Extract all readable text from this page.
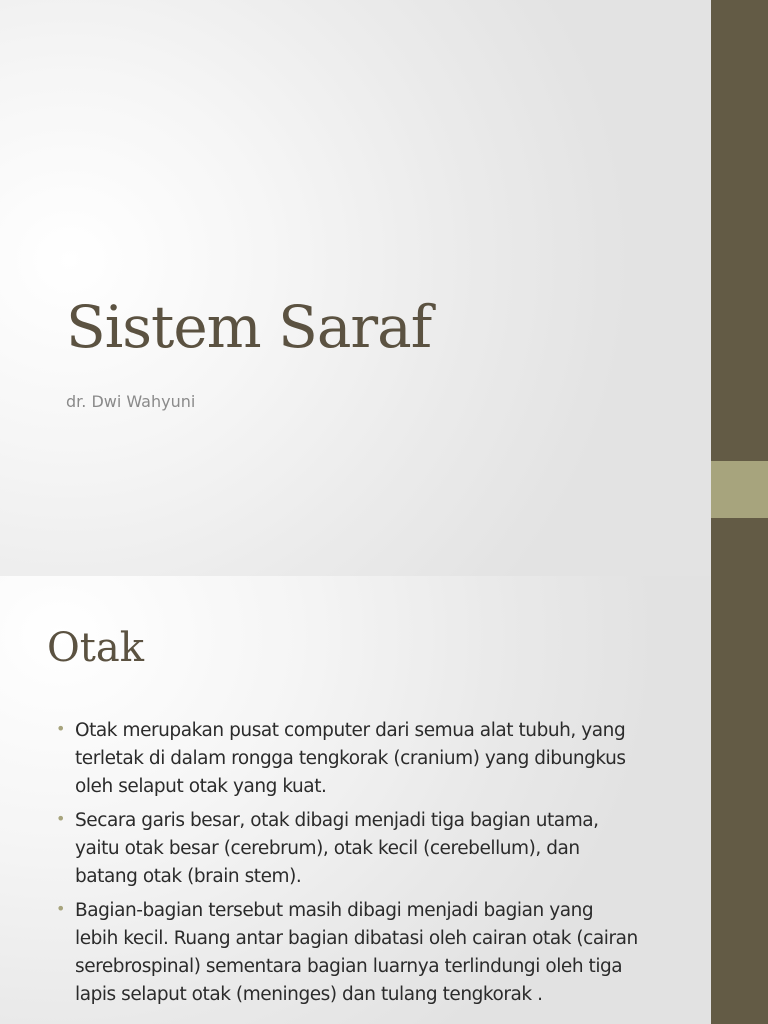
Sistem Saraf

dr. Dwi Wahyuni

Otak
• Otak merupakan pusat computer dari semua alat tubuh, yang
terletak di dalam rongga tengkorak (cranium) yang dibungkus
oleh selaput otak yang kuat.
• Secara garis besar, otak dibagi menjadi tiga bagian utama,
yaitu otak besar (cerebrum), otak kecil (cerebellum), dan
batang otak (brain stem).
• Bagian-bagian tersebut masih dibagi menjadi bagian yang
lebih kecil. Ruang antar bagian dibatasi oleh cairan otak (cairan
serebrospinal) sementara bagian luarnya terlindungi oleh tiga
lapis selaput otak (meninges) dan tulang tengkorak .
